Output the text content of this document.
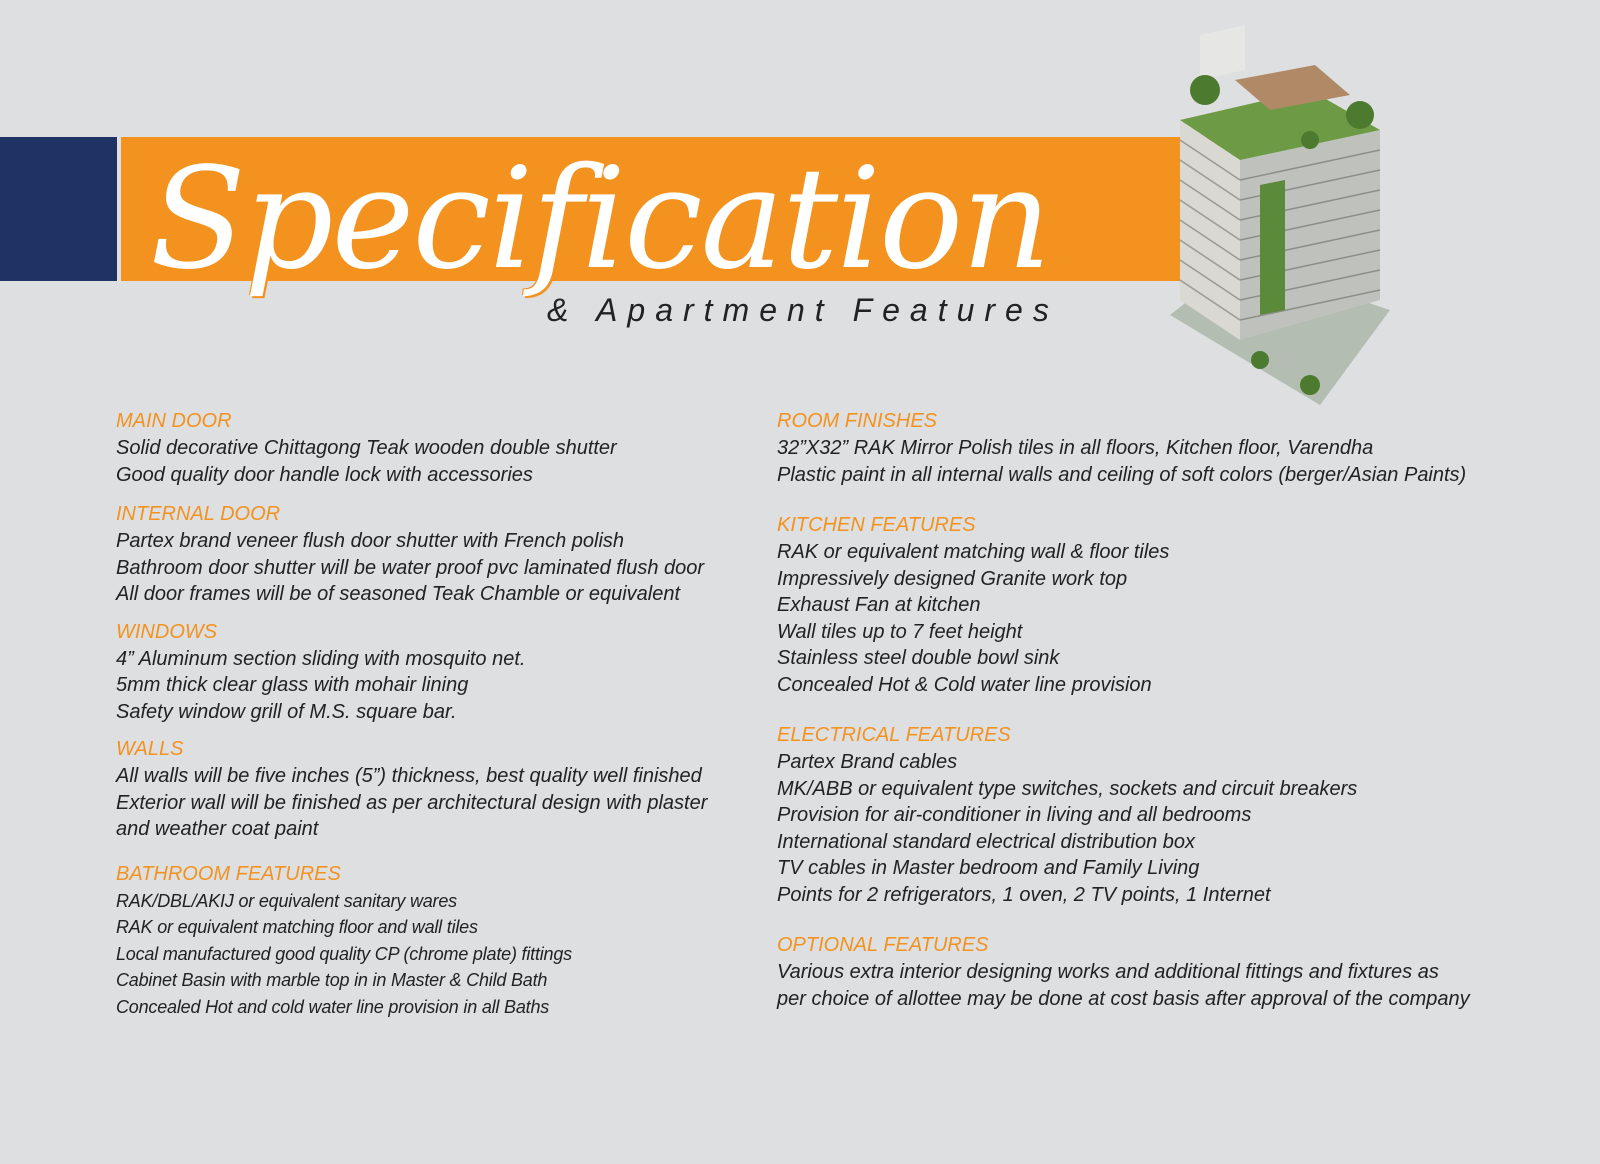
Specification
& Apartment Features
MAIN DOOR
Solid decorative Chittagong Teak wooden double shutter
Good quality door handle lock with accessories
INTERNAL DOOR
Partex brand veneer flush door shutter with French polish
Bathroom door shutter will be water proof pvc laminated flush door
All door frames will be of seasoned Teak Chamble or equivalent
WINDOWS
4” Aluminum section sliding with mosquito net.
5mm thick clear glass with mohair lining
Safety window grill of M.S. square bar.
WALLS
All walls will be five inches (5”) thickness, best quality well finished
Exterior wall will be finished as per architectural design with plaster
and weather coat paint
BATHROOM FEATURES
RAK/DBL/AKIJ or equivalent sanitary wares
RAK or equivalent matching floor and wall tiles
Local manufactured good quality CP (chrome plate) fittings
Cabinet Basin with marble top in in Master & Child Bath
Concealed Hot and cold water line provision in all Baths
ROOM FINISHES
32”X32” RAK Mirror Polish tiles in all floors, Kitchen floor, Varendha
Plastic paint in all internal walls and ceiling of soft colors (berger/Asian Paints)
KITCHEN FEATURES
RAK or equivalent matching wall & floor tiles
Impressively designed Granite work top
Exhaust Fan at kitchen
Wall tiles up to 7 feet height
Stainless steel double bowl sink
Concealed Hot & Cold water line provision
ELECTRICAL FEATURES
Partex Brand cables
MK/ABB or equivalent type switches, sockets and circuit breakers
Provision for air-conditioner in living and all bedrooms
International standard electrical distribution box
TV cables in Master bedroom and Family Living
Points for 2 refrigerators, 1 oven, 2 TV points, 1 Internet
OPTIONAL FEATURES
Various extra interior designing works and additional fittings and fixtures as
per choice of allottee may be done at cost basis after approval of the company
